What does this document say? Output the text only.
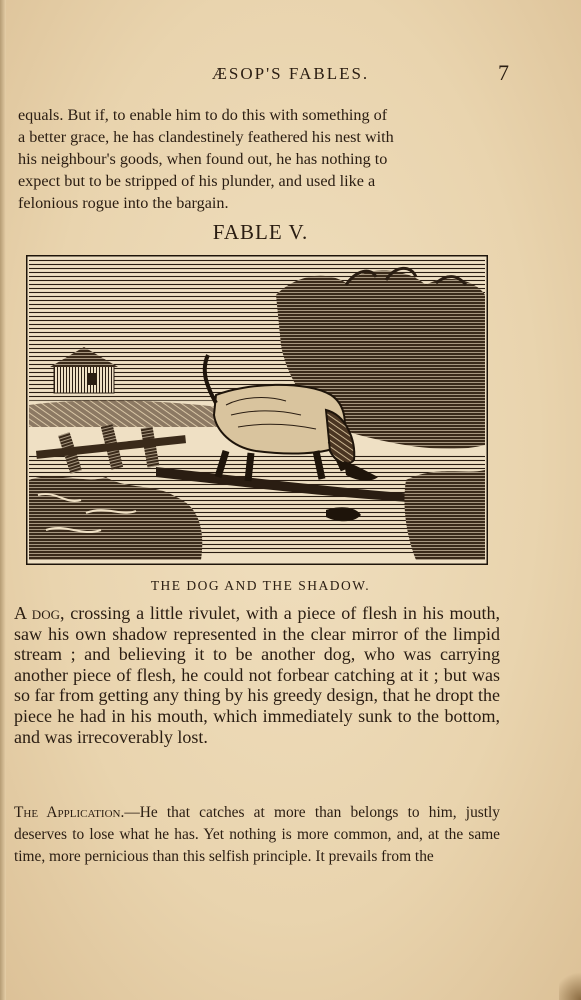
ÆSOP'S FABLES.	7

equals. But if, to enable him to do this with something of

a better grace, he has clandestinely feathered his nest with

his neighbour's goods, when found out, he has nothing to

expect but to be stripped of his plunder, and used like a

felonious rogue into the bargain.

FABLE V.
THE DOG AND THE SHADOW.

A dog, crossing a little rivulet, with a piece of flesh in his mouth, saw his own shadow represented in the clear mirror of the limpid stream ; and believing it to be another dog, who was carrying another piece of flesh, he could not forbear catching at it ; but was so far from getting any thing by his greedy design, that he dropt the piece he had in his mouth, which immediately sunk to the bottom, and was irrecoverably lost.

The Application.—He that catches at more than belongs to him, justly deserves to lose what he has. Yet nothing is more common, and, at the same time, more pernicious than this selfish principle. It prevails from the
